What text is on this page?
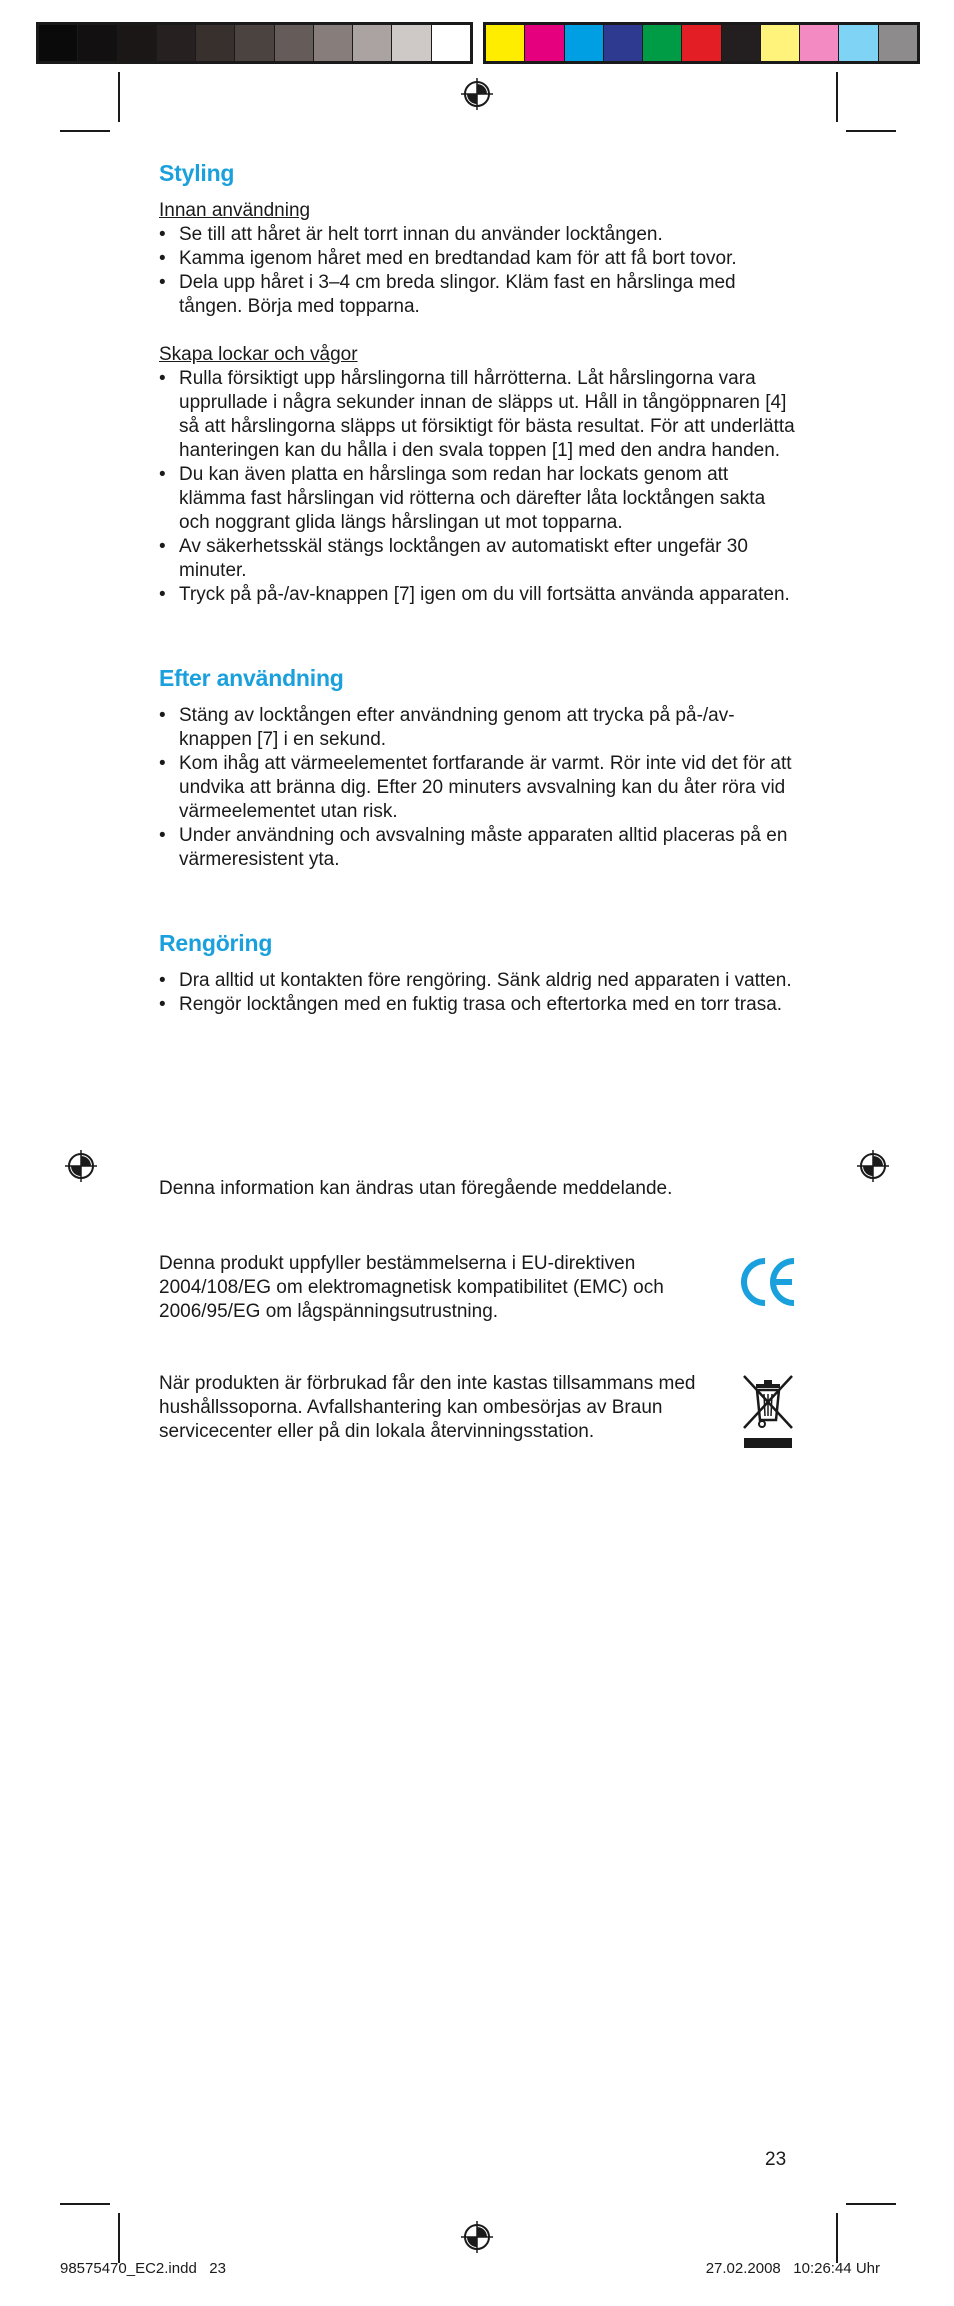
Styling

Innan användning

• Se till att håret är helt torrt innan du använder locktången.
• Kamma igenom håret med en bredtandad kam för att få bort tovor.
• Dela upp håret i 3–4 cm breda slingor. Kläm fast en hårslinga med tången. Börja med topparna.

Skapa lockar och vågor

• Rulla försiktigt upp hårslingorna till hårrötterna. Låt hårslingorna vara upprullade i några sekunder innan de släpps ut. Håll in tångöppnaren [4] så att hårslingorna släpps ut försiktigt för bästa resultat. För att underlätta hanteringen kan du hålla i den svala toppen [1] med den andra handen.
• Du kan även platta en hårslinga som redan har lockats genom att klämma fast hårslingan vid rötterna och därefter låta locktången sakta och noggrant glida längs hårslingan ut mot topparna.
• Av säkerhetsskäl stängs locktången av automatiskt efter ungefär 30 minuter.
• Tryck på på-/av-knappen [7] igen om du vill fortsätta använda apparaten.
Efter användning
• Stäng av locktången efter användning genom att trycka på på-/av-knappen [7] i en sekund.
• Kom ihåg att värmeelementet fortfarande är varmt. Rör inte vid det för att undvika att bränna dig. Efter 20 minuters avsvalning kan du åter röra vid värmeelementet utan risk.
• Under användning och avsvalning måste apparaten alltid placeras på en värmeresistent yta.
Rengöring
• Dra alltid ut kontakten före rengöring. Sänk aldrig ned apparaten i vatten.
• Rengör locktången med en fuktig trasa och eftertorka med en torr trasa.

Denna information kan ändras utan föregående meddelande.

Denna produkt uppfyller bestämmelserna i EU-direktiven 2004/108/EG om elektromagnetisk kompatibilitet (EMC) och 2006/95/EG om lågspänningsutrustning.

När produkten är förbrukad får den inte kastas tillsammans med hushållssoporna. Avfallshantering kan ombesörjas av Braun servicecenter eller på din lokala återvinningsstation.

23
98575470_EC2.indd   23	27.02.2008   10:26:44 Uhr
